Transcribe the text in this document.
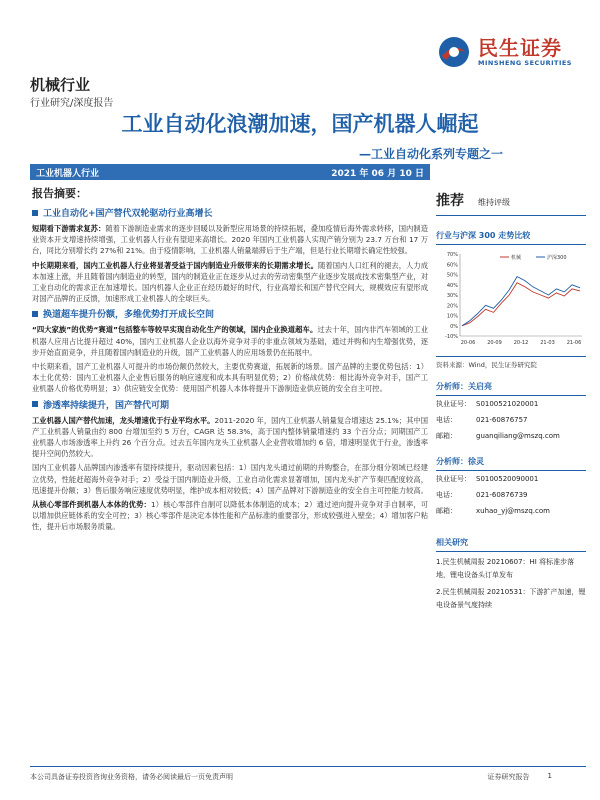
民生证券
MINSHENG SECURITIES
机械行业
行业研究/深度报告
工业自动化浪潮加速，国产机器人崛起
—工业自动化系列专题之一
工业机器人行业	2021 年 06 月 10 日
报告摘要：
工业自动化+国产替代双轮驱动行业高增长

短期看下游需求复苏：随着下游制造业需求的逐步回暖以及新型应用场景的持续拓展，叠加疫情后海外需求转移，国内制造业资本开支增速持续增强，工业机器人行业有望迎来高增长。2020 年国内工业机器人实现产销分别为 23.7 万台和 17 万台，同比分别增长约 27%和 21%。由于疫情影响，工业机器人销量端滞后于生产端，但是行业长期增长确定性较强。

中长期期来看，国内工业机器人行业将显著受益于国内制造业升级带来的长期需求增长。随着国内人口红利的褪去，人力成本加速上涨，并且随着国内制造业的转型，国内的制造业正在逐步从过去的劳动密集型产业逐步发展成技术密集型产业，对工业自动化的需求正在加速增长。国内机器人企业正在经历最好的时代，行业高增长和国产替代空间大，规模效应有望形成对国产品牌的正反馈，加速形成工业机器人的全球巨头。

换道超车提升份额，多维优势打开成长空间

“四大家族”的优势“赛道”包括整车等较早实现自动化生产的领域，国内企业换道超车。过去十年，国内非汽车领域的工业机器人应用占比提升超过 40%，国内工业机器人企业以海外竞争对手的非重点领域为基础，通过并购和内生增强优势，逐步开始直面竞争，并且随着国内制造业的升级，国产工业机器人的应用场景仍在拓展中。

中长期来看，国产工业机器人可提升的市场份额仍然较大，主要优势赛道，拓展新的场景。国产品牌的主要优势包括：1）本土化优势：国内工业机器人企业售后服务的响应速度和成本具有明显优势；2）价格战优势：相比海外竞争对手，国产工业机器人价格优势明显；3）供应链安全优势：使用国产机器人本体将提升下游制造业供应链的安全自主可控。

渗透率持续提升，国产替代可期

工业机器人国产替代加速，龙头增速优于行业平均水平。2011-2020 年，国内工业机器人销量复合增速达 25.1%；其中国产工业机器人销量由约 800 台增加至约 5 万台，CAGR 达 58.3%，高于国内整体销量增速约 33 个百分点；同期国产工业机器人市场渗透率上升约 26 个百分点。过去五年国内龙头工业机器人企业营收增加约 6 倍，增速明显优于行业，渗透率提升空间仍然较大。

国内工业机器人品牌国内渗透率有望持续提升，驱动因素包括：1）国内龙头通过前期的并购整合，在部分细分领域已经建立优势，性能赶超海外竞争对手；2）受益于国内制造业升级，工业自动化需求显著增加，国内龙头扩产节奏匹配度较高，迅速提升份额；3）售后服务响应速度优势明显，维护成本相对较低；4）国产品牌对下游制造业的安全自主可控能力较高。

从核心零部件到机器人本体的优势：1）核心零部件自制可以降低本体制造的成本；2）通过逆向提升竞争对手自制率，可以增加供应链体系的安全可控；3）核心零部件是决定本体性能和产品标准的重要部分，形成较强进入壁垒；4）增加客户粘性，提升后市场服务质量。

推荐 维持评级
行业与沪深 300 走势比较
70%
60%
50%
40%
30%
20%
10%
0%
-10%
20-06 20-09 20-12 21-03 21-06
机械	沪深300
资料来源：Wind，民生证券研究院
分析师：关启亮
执业证号： S0100521020001
电话：	021-60876757
邮箱：	guanqiliang@mszq.com
分析师：徐灵
执业证号： S0100520090001
电话：	021-60876739
邮箱：	xuhao_yj@mszq.com
相关研究
1.民生机械周报 20210607：HI 将标准步落地，锂电设备头订单发布
2.民生机械周报 20210531：下游扩产加速，锂电设备景气度持续
本公司具备证券投资咨询业务资格，请务必阅读最后一页免责声明	证券研究报告	1
